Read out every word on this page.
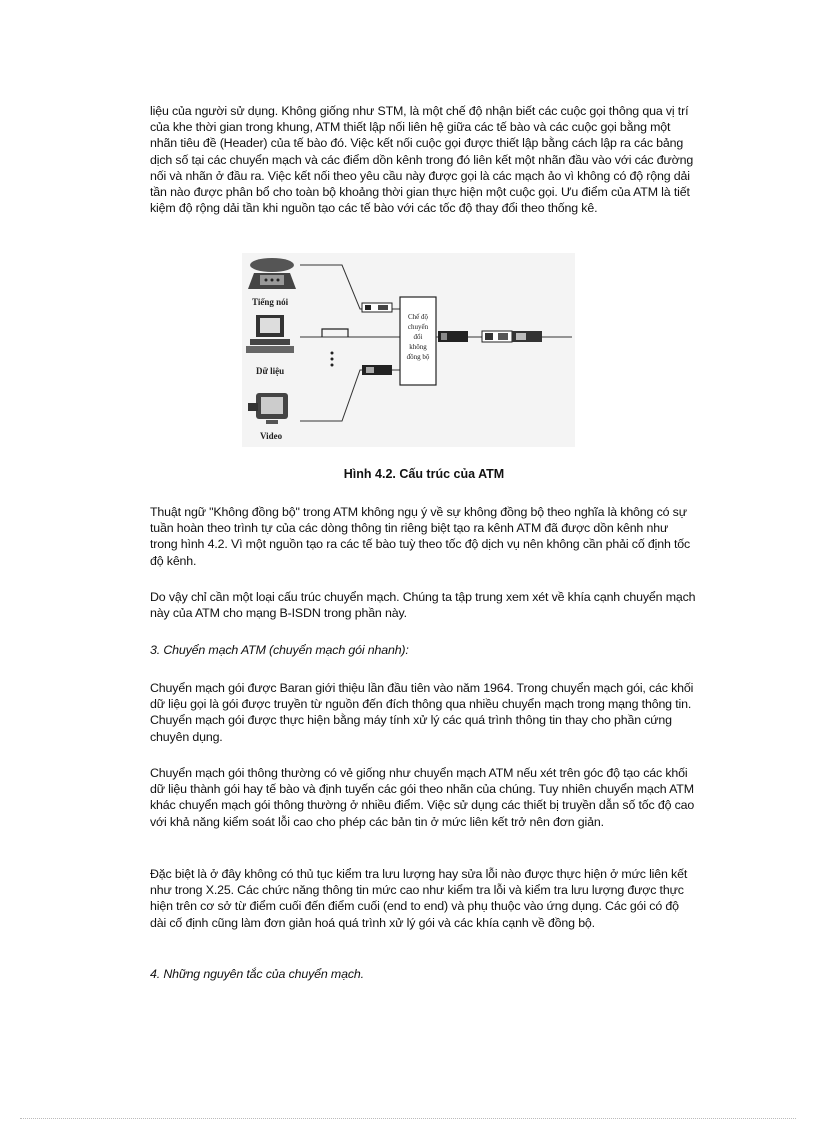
liệu của người sử dụng. Không giống như STM, là một chế độ nhận biết các cuộc gọi thông qua vị trí của khe thời gian trong khung, ATM thiết lập nối liên hệ giữa các tế bào và các cuộc gọi bằng một nhãn tiêu đề (Header) của tế bào đó. Việc kết nối cuộc gọi được thiết lập bằng cách lập ra các bảng dịch số tại các chuyển mạch và các điểm dồn kênh trong đó liên kết một nhãn đầu vào với các đường nối và nhãn ở đầu ra. Việc kết nối theo yêu cầu này được gọi là các mạch ảo vì không có độ rộng dải tần nào được phân bổ cho toàn bộ khoảng thời gian thực hiện một cuộc gọi. Ưu điểm của ATM là tiết kiệm độ rộng dải tần khi nguồn tạo các tế bào với các tốc độ thay đổi theo thống kê.

Tiếng nói
Dữ liệu
Video
Chế độ
chuyển
đổi
không
đồng bộ

Hình 4.2. Cấu trúc của ATM

Thuật ngữ "Không đồng bộ" trong ATM không ngụ ý về sự không đồng bộ theo nghĩa là không có sự tuần hoàn theo trình tự của các dòng thông tin riêng biệt tạo ra kênh ATM đã được dồn kênh như trong hình 4.2. Vì một nguồn tạo ra các tế bào tuỳ theo tốc độ dịch vụ nên không cần phải cố định tốc độ kênh.

Do vậy chỉ cần một loại cấu trúc chuyển mạch. Chúng ta tập trung xem xét về khía cạnh chuyển mạch này của ATM cho mạng B-ISDN trong phần này.

3. Chuyển mạch ATM (chuyển mạch gói nhanh):

Chuyển mạch gói được Baran giới thiệu lần đầu tiên vào năm 1964. Trong chuyển mạch gói, các khối dữ liệu gọi là gói được truyền từ nguồn đến đích thông qua nhiều chuyển mạch trong mạng thông tin. Chuyển mạch gói được thực hiện bằng máy tính xử lý các quá trình thông tin thay cho phần cứng chuyên dụng.

Chuyển mạch gói thông thường có vẻ giống như chuyển mạch ATM nếu xét trên góc độ tạo các khối dữ liệu thành gói hay tế bào và định tuyến các gói theo nhãn của chúng. Tuy nhiên chuyển mạch ATM khác chuyển mạch gói thông thường ở nhiều điểm. Việc sử dụng các thiết bị truyền dẫn số tốc độ cao với khả năng kiểm soát lỗi cao cho phép các bản tin ở mức liên kết trở nên đơn giản.

Đặc biệt là ở đây không có thủ tục kiểm tra lưu lượng hay sửa lỗi nào được thực hiện ở mức liên kết như trong X.25. Các chức năng thông tin mức cao như kiểm tra lỗi và kiểm tra lưu lượng được thực hiện trên cơ sở từ điểm cuối đến điểm cuối (end to end) và phụ thuộc vào ứng dụng. Các gói có độ dài cố định cũng làm đơn giản hoá quá trình xử lý gói và các khía cạnh về đồng bộ.

4. Những nguyên tắc của chuyển mạch.
